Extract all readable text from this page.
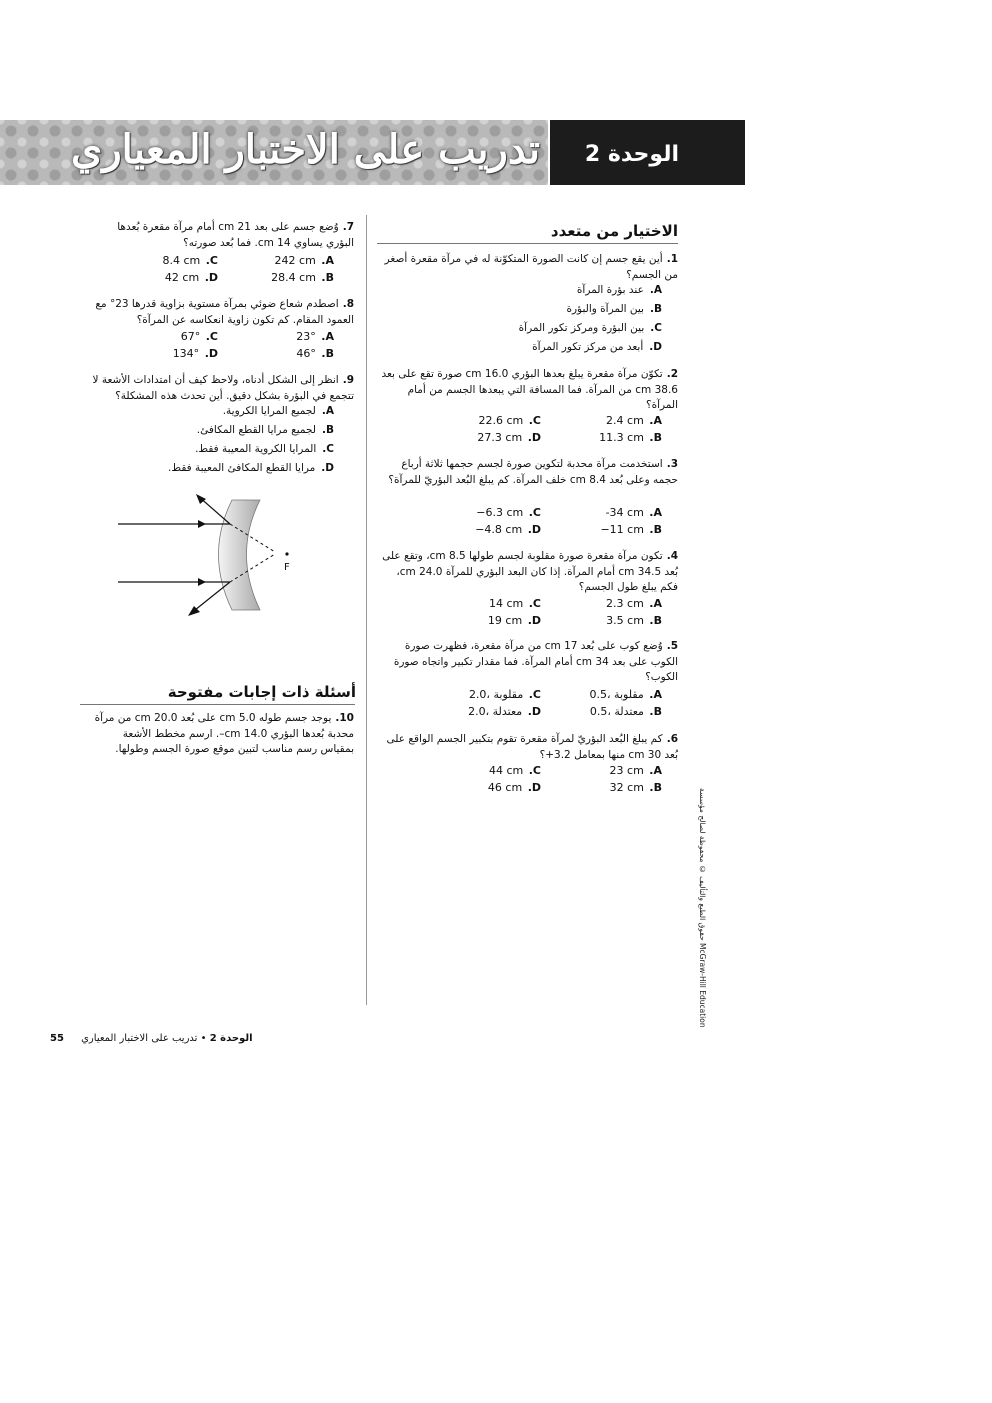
تدريب على الاختبار المعياري الوحدة 2
الاختيار من متعدد
1.أين يقع جسم إن كانت الصورة المتكوّنة له في مرآة مقعرة أصغر من الجسم؟
A.عند بؤرة المرآة
B.بين المرآة والبؤرة
C.بين البؤرة ومركز تكور المرآة
D.أبعد من مركز تكور المرآة
2.تكوّن مرآة مقعرة يبلغ بعدها البؤري 16.0 cm صورة تقع على بعد 38.6 cm من المرآة. فما المسافة التي يبعدها الجسم من أمام المرآة؟
22.6 cm .C	2.4 cm .A
27.3 cm .D	11.3 cm .B
3.استخدمت مرآة محدبة لتكوين صورة لجسم حجمها ثلاثة أرباع حجمه وعلى بُعد 8.4 cm خلف المرآة. كم يبلغ البُعد البؤريّ للمرآة؟
−6.3 cm .C	-34 cm .A
−4.8 cm .D	−11 cm .B
4.تكون مرآة مقعرة صورة مقلوبة لجسم طولها 8.5 cm، وتقع على بُعد 34.5 cm أمام المرآة. إذا كان البعد البؤري للمرآة 24.0 cm، فكم يبلغ طول الجسم؟
14 cm .C	2.3 cm .A
19 cm .D	3.5 cm .B
5.وُضع كوب على بُعد 17 cm من مرآة مقعرة، فظهرت صورة الكوب على بعد 34 cm أمام المرآة. فما مقدار تكبير واتجاه صورة الكوب؟
2.0، مقلوبة .C	0.5، مقلوبة .A
2.0، معتدلة .D	0.5، معتدلة .B
6.كم يبلغ البُعد البؤريّ لمرآة مقعرة تقوم بتكبير الجسم الواقع على بُعد 30 cm منها بمعامل 3.2+؟
44 cm .C	23 cm .A
46 cm .D	32 cm .B
7.وُضع جسم على بعد 21 cm أمام مرآة مقعرة بُعدها البؤري يساوي 14 cm. فما بُعد صورته؟
8.4 cm .C	242 cm .A
42 cm .D	28.4 cm .B
8.اصطدم شعاع ضوئي بمرآة مستوية بزاوية قدرها 23° مع العمود المقام. كم تكون زاوية انعكاسه عن المرآة؟
67° .C	23° .A
134° .D	46° .B
9.انظر إلى الشكل أدناه، ولاحظ كيف أن امتدادات الأشعة لا تتجمع في البؤرة بشكل دقيق. أين تحدث هذه المشكلة؟
A.لجميع المرايا الكروية.
B.لجميع مرايا القطع المكافئ.
C.المرايا الكروية المعيبة فقط.
D.مرايا القطع المكافئ المعيبة فقط.
F
أسئلة ذات إجابات مفتوحة
10.يوجد جسم طوله 5.0 cm على بُعد 20.0 cm من مرآة محدبة بُعدها البؤري 14.0 cm–. ارسم مخطط الأشعة بمقياس رسم مناسب لتبين موقع صورة الجسم وطولها.
حقوق الطبع والتأليف © محفوظة لصالح مؤسسة McGraw-Hill Education
الوحدة 2 • تدريب على الاختبار المعياري 55
